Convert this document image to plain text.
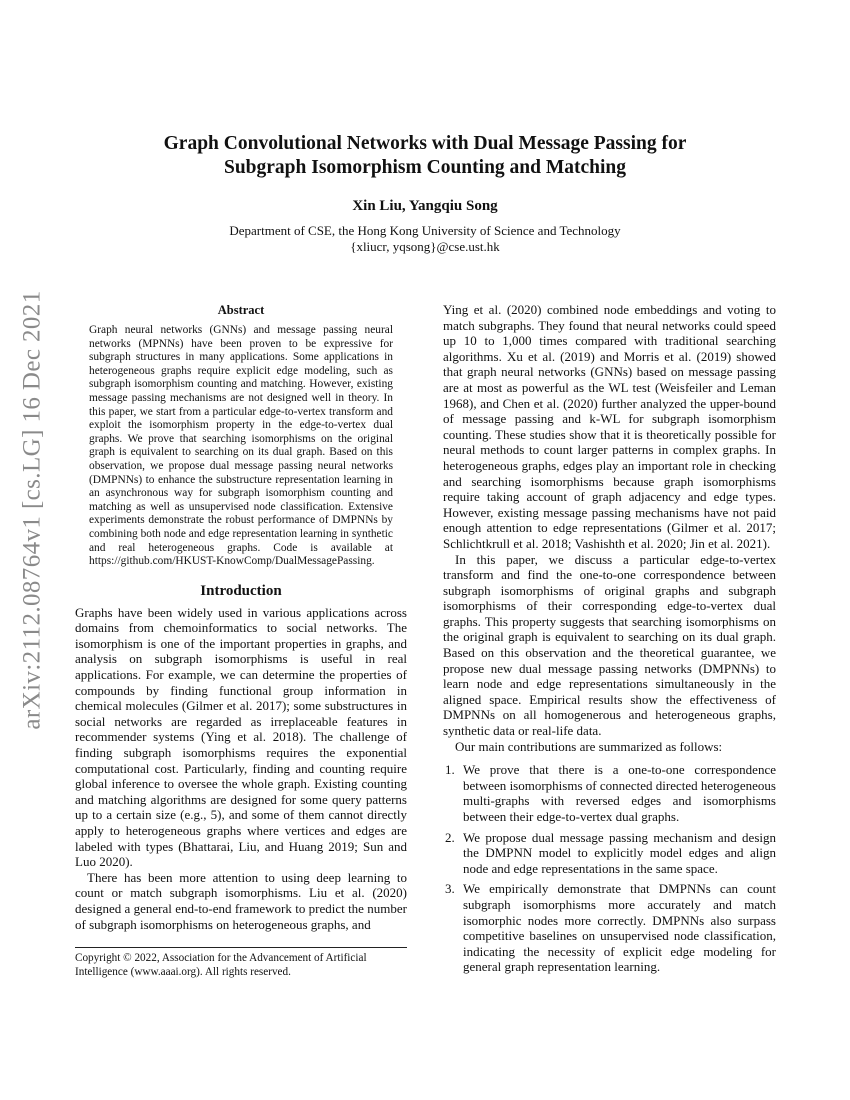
arXiv:2112.08764v1 [cs.LG] 16 Dec 2021
Graph Convolutional Networks with Dual Message Passing for
Subgraph Isomorphism Counting and Matching

Xin Liu, Yangqiu Song

Department of CSE, the Hong Kong University of Science and Technology
{xliucr, yqsong}@cse.ust.hk

Abstract

Graph neural networks (GNNs) and message passing neural networks (MPNNs) have been proven to be expressive for subgraph structures in many applications. Some applications in heterogeneous graphs require explicit edge modeling, such as subgraph isomorphism counting and matching. However, existing message passing mechanisms are not designed well in theory. In this paper, we start from a particular edge-to-vertex transform and exploit the isomorphism property in the edge-to-vertex dual graphs. We prove that searching isomorphisms on the original graph is equivalent to searching on its dual graph. Based on this observation, we propose dual message passing neural networks (DMPNNs) to enhance the substructure representation learning in an asynchronous way for subgraph isomorphism counting and matching as well as unsupervised node classification. Extensive experiments demonstrate the robust performance of DMPNNs by combining both node and edge representation learning in synthetic and real heterogeneous graphs. Code is available at https://github.com/HKUST-KnowComp/DualMessagePassing.

Introduction

Graphs have been widely used in various applications across domains from chemoinformatics to social networks. The isomorphism is one of the important properties in graphs, and analysis on subgraph isomorphisms is useful in real applications. For example, we can determine the properties of compounds by finding functional group information in chemical molecules (Gilmer et al. 2017); some substructures in social networks are regarded as irreplaceable features in recommender systems (Ying et al. 2018). The challenge of finding subgraph isomorphisms requires the exponential computational cost. Particularly, finding and counting require global inference to oversee the whole graph. Existing counting and matching algorithms are designed for some query patterns up to a certain size (e.g., 5), and some of them cannot directly apply to heterogeneous graphs where vertices and edges are labeled with types (Bhattarai, Liu, and Huang 2019; Sun and Luo 2020).

There has been more attention to using deep learning to count or match subgraph isomorphisms. Liu et al. (2020) designed a general end-to-end framework to predict the number of subgraph isomorphisms on heterogeneous graphs, and

Copyright © 2022, Association for the Advancement of Artificial Intelligence (www.aaai.org). All rights reserved.

Ying et al. (2020) combined node embeddings and voting to match subgraphs. They found that neural networks could speed up 10 to 1,000 times compared with traditional searching algorithms. Xu et al. (2019) and Morris et al. (2019) showed that graph neural networks (GNNs) based on message passing are at most as powerful as the WL test (Weisfeiler and Leman 1968), and Chen et al. (2020) further analyzed the upper-bound of message passing and k-WL for subgraph isomorphism counting. These studies show that it is theoretically possible for neural methods to count larger patterns in complex graphs. In heterogeneous graphs, edges play an important role in checking and searching isomorphisms because graph isomorphisms require taking account of graph adjacency and edge types. However, existing message passing mechanisms have not paid enough attention to edge representations (Gilmer et al. 2017; Schlichtkrull et al. 2018; Vashishth et al. 2020; Jin et al. 2021).

In this paper, we discuss a particular edge-to-vertex transform and find the one-to-one correspondence between subgraph isomorphisms of original graphs and subgraph isomorphisms of their corresponding edge-to-vertex dual graphs. This property suggests that searching isomorphisms on the original graph is equivalent to searching on its dual graph. Based on this observation and the theoretical guarantee, we propose new dual message passing networks (DMPNNs) to learn node and edge representations simultaneously in the aligned space. Empirical results show the effectiveness of DMPNNs on all homogenerous and heterogeneous graphs, synthetic data or real-life data.

Our main contributions are summarized as follows:

1. We prove that there is a one-to-one correspondence between isomorphisms of connected directed heterogeneous multi-graphs with reversed edges and isomorphisms between their edge-to-vertex dual graphs.
2. We propose dual message passing mechanism and design the DMPNN model to explicitly model edges and align node and edge representations in the same space.
3. We empirically demonstrate that DMPNNs can count subgraph isomorphisms more accurately and match isomorphic nodes more correctly. DMPNNs also surpass competitive baselines on unsupervised node classification, indicating the necessity of explicit edge modeling for general graph representation learning.
